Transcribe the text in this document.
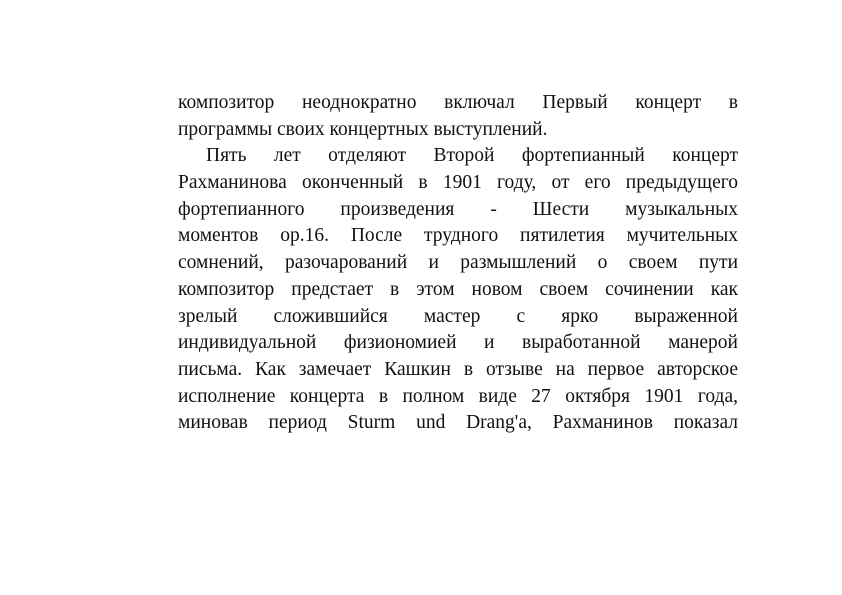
композитор неоднократно включал Первый концерт в
программы своих концертных выступлений.
Пять лет отделяют Второй фортепианный концерт
Рахманинова оконченный в 1901 году, от его предыдущего
фортепианного произведения - Шести музыкальных
моментов ор.16. После трудного пятилетия мучительных
сомнений, разочарований и размышлений о своем пути
композитор предстает в этом новом своем сочинении как
зрелый сложившийся мастер с ярко выраженной
индивидуальной физиономией и выработанной манерой
письма. Как замечает Кашкин в отзыве на первое авторское
исполнение концерта в полном виде 27 октября 1901 года,
миновав период Sturm und Drang'a, Рахманинов показал
